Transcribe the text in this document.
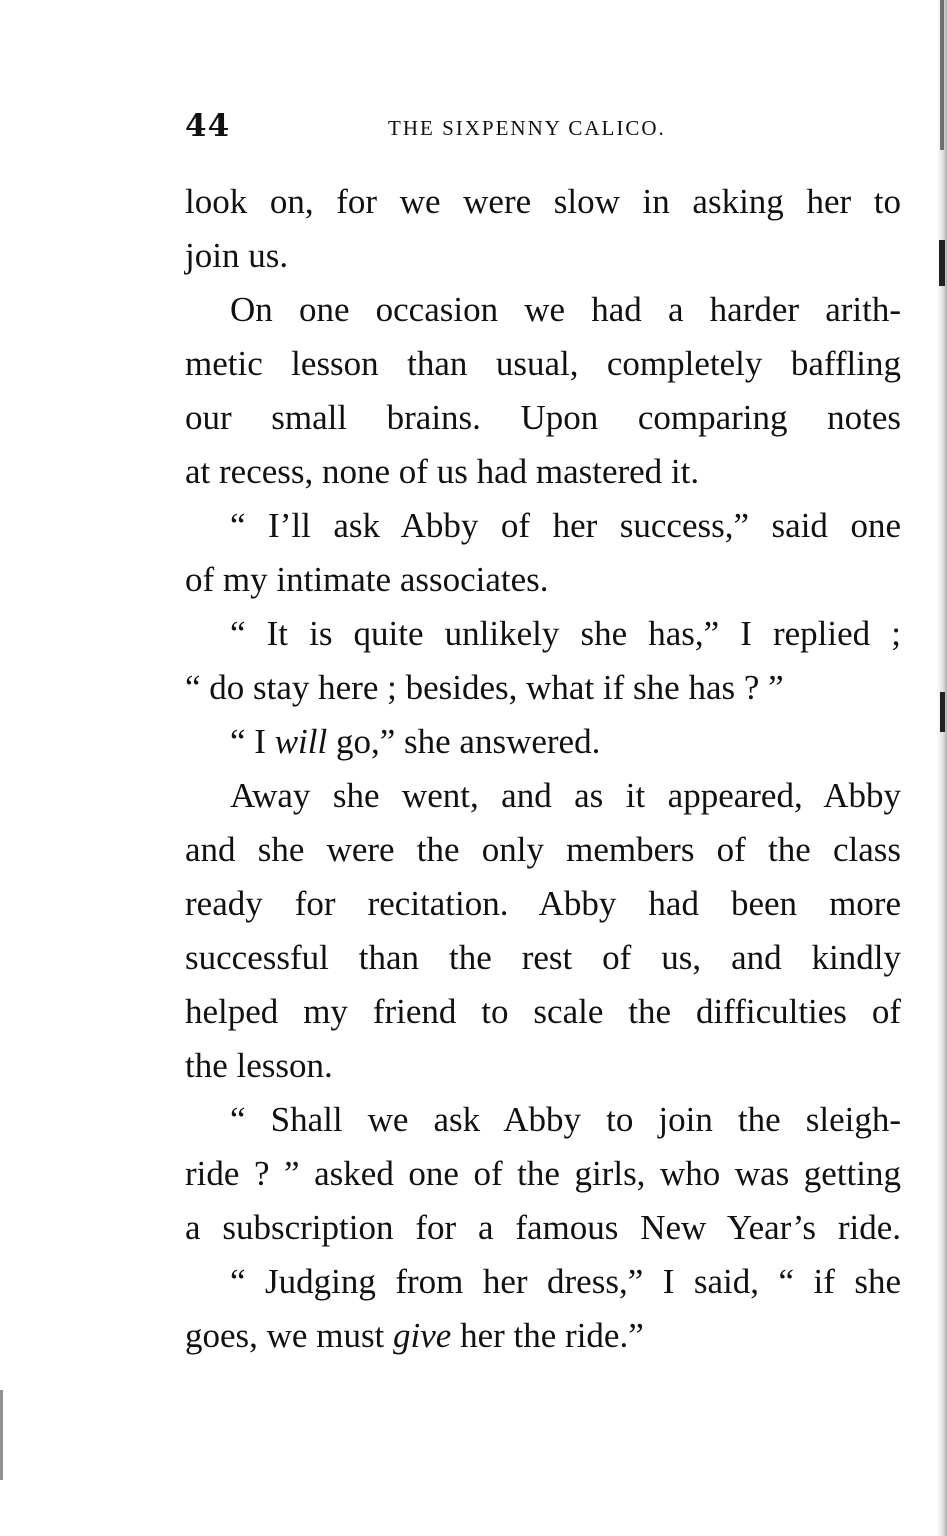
44	THE SIXPENNY CALICO.
look on, for we were slow in asking her to
join us.
On one occasion we had a harder arith-
metic lesson than usual, completely baffling
our small brains. Upon comparing notes
at recess, none of us had mastered it.
“ I’ll ask Abby of her success,” said one
of my intimate associates.
“ It is quite unlikely she has,” I replied ;
“ do stay here ; besides, what if she has ? ”
“ I will go,” she answered.
Away she went, and as it appeared, Abby
and she were the only members of the class
ready for recitation. Abby had been more
successful than the rest of us, and kindly
helped my friend to scale the difficulties of
the lesson.
“ Shall we ask Abby to join the sleigh-
ride ? ” asked one of the girls, who was getting
a subscription for a famous New Year’s ride.
“ Judging from her dress,” I said, “ if she
goes, we must give her the ride.”
